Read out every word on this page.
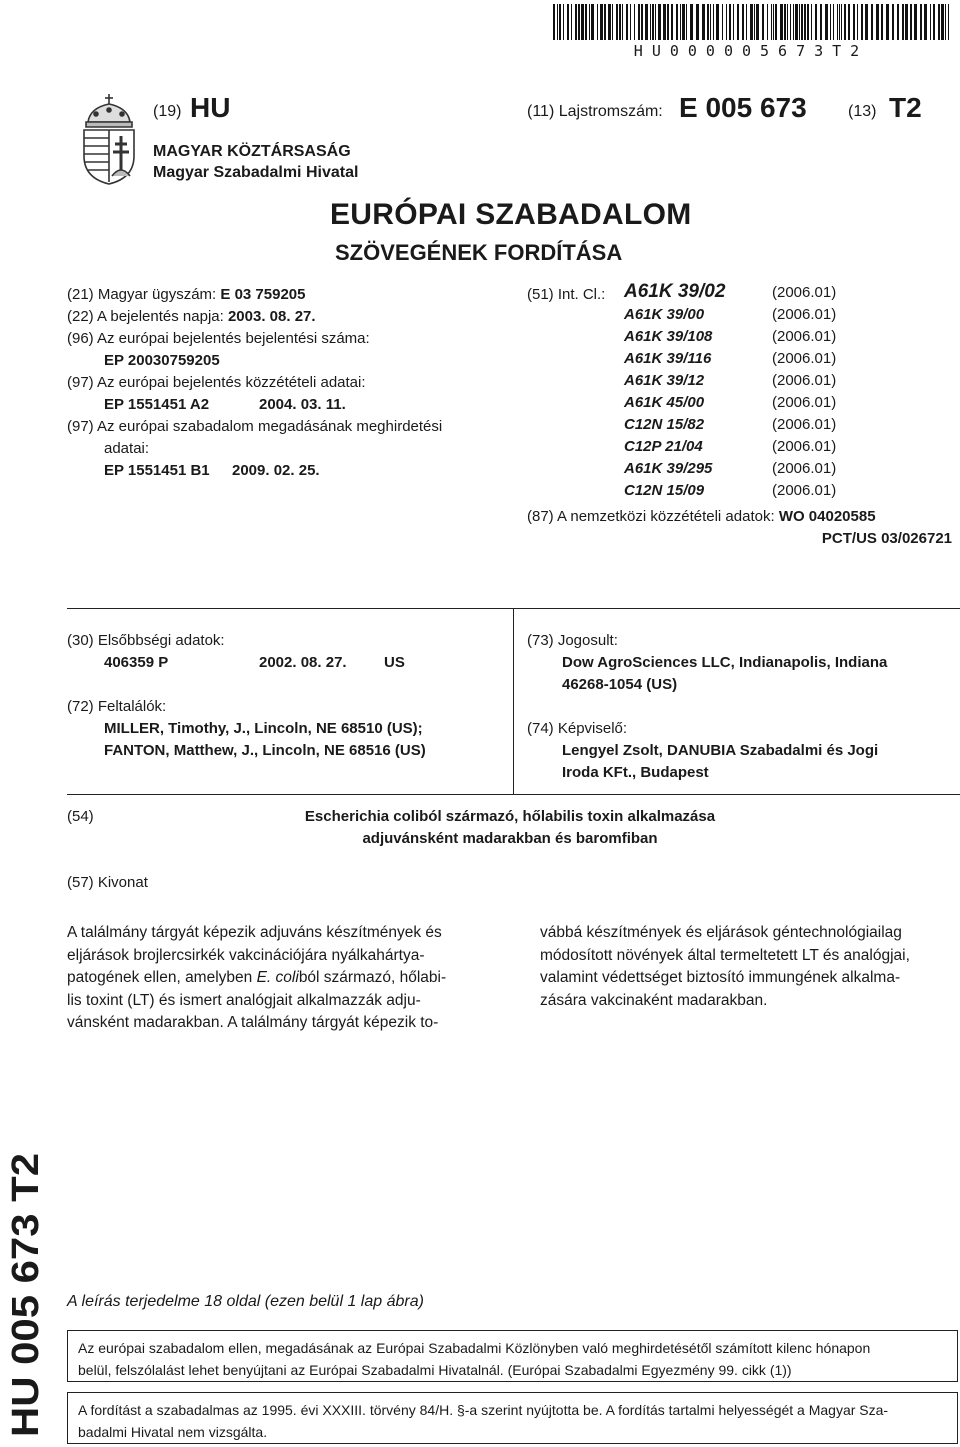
HU000005673T2
(19) HU
MAGYAR KÖZTÁRSASÁG
Magyar Szabadalmi Hivatal
(11) Lajstromszám: E 005 673	(13) T2
EURÓPAI SZABADALOM
SZÖVEGÉNEK FORDÍTÁSA
(21) Magyar ügyszám: E 03 759205
(22) A bejelentés napja: 2003. 08. 27.
(96) Az európai bejelentés bejelentési száma:
EP 20030759205
(97) Az európai bejelentés közzétételi adatai:
EP 1551451 A2	2004. 03. 11.
(97) Az európai szabadalom megadásának meghirdetési
adatai:
EP 1551451 B1 2009. 02. 25.
(51) Int. Cl.: A61K 39/02	(2006.01)
A61K 39/00	(2006.01)
A61K 39/108	(2006.01)
A61K 39/116	(2006.01)
A61K 39/12	(2006.01)
A61K 45/00	(2006.01)
C12N 15/82	(2006.01)
C12P 21/04	(2006.01)
A61K 39/295	(2006.01)
C12N 15/09	(2006.01)
(87) A nemzetközi közzétételi adatok: WO 04020585
PCT/US 03/026721
(30) Elsőbbségi adatok:
406359 P	2002. 08. 27. US
(72) Feltalálók:
MILLER, Timothy, J., Lincoln, NE 68510 (US);
FANTON, Matthew, J., Lincoln, NE 68516 (US)
(73) Jogosult:
Dow AgroSciences LLC, Indianapolis, Indiana
46268-1054 (US)
(74) Képviselő:
Lengyel Zsolt, DANUBIA Szabadalmi és Jogi
Iroda KFt., Budapest
(54)	Escherichia coliból származó, hőlabilis toxin alkalmazása
adjuvánsként madarakban és baromfiban
(57) Kivonat

A találmány tárgyát képezik adjuváns készítmények és

eljárások brojlercsirkék vakcinációjára nyálkahártya-

patogének ellen, amelyben E. coliból származó, hőlabi-

lis toxint (LT) és ismert analógjait alkalmazzák adju-

vánsként madarakban. A találmány tárgyát képezik to-

vábbá készítmények és eljárások géntechnológiailag

módosított növények által termeltetett LT és analógjai,

valamint védettséget biztosító immungének alkalma-

zására vakcinaként madarakban.

HU 005 673 T2 A leírás terjedelme 18 oldal (ezen belül 1 lap ábra)
Az európai szabadalom ellen, megadásának az Európai Szabadalmi Közlönyben való meghirdetésétől számított kilenc hónapon
belül, felszólalást lehet benyújtani az Európai Szabadalmi Hivatalnál. (Európai Szabadalmi Egyezmény 99. cikk (1))
A fordítást a szabadalmas az 1995. évi XXXIII. törvény 84/H. §-a szerint nyújtotta be. A fordítás tartalmi helyességét a Magyar Sza-
badalmi Hivatal nem vizsgálta.
